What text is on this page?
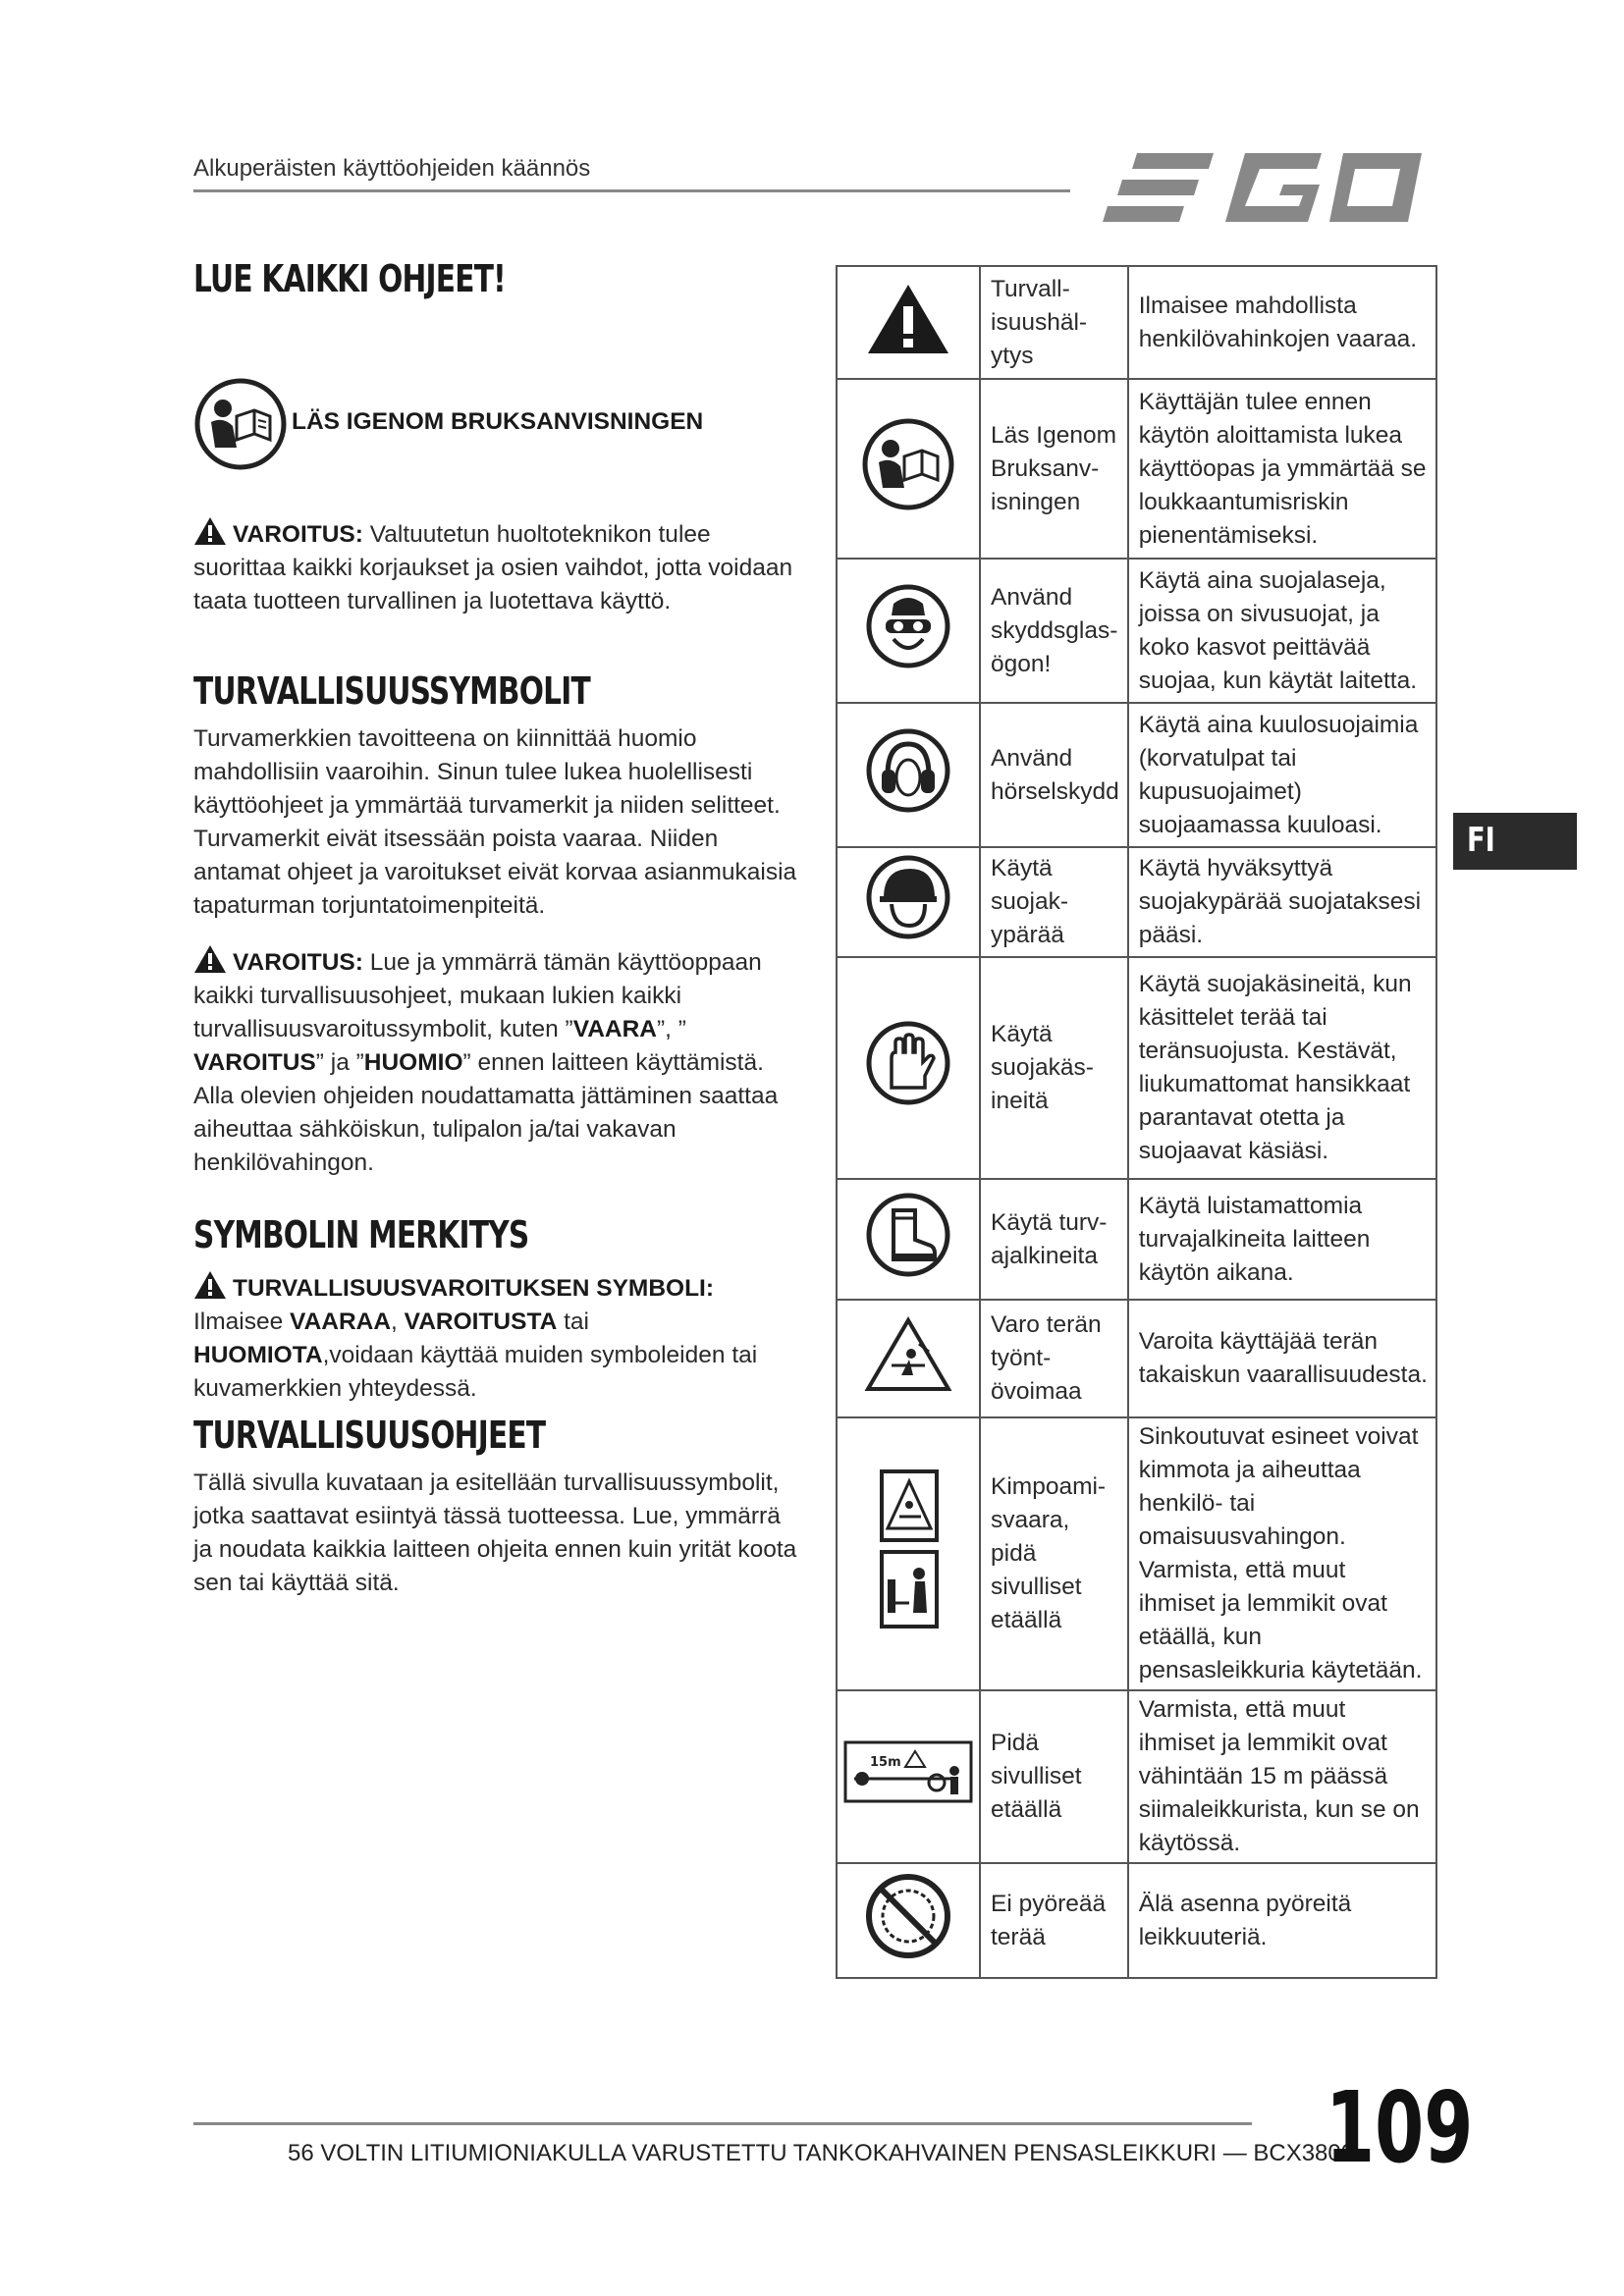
Alkuperäisten käyttöohjeiden käännös
LUE KAIKKI OHJEET!
LÄS IGENOM BRUKSANVISNINGEN
VAROITUS: Valtuutetun huoltoteknikon tulee suorittaa kaikki korjaukset ja osien vaihdot, jotta voidaan taata tuotteen turvallinen ja luotettava käyttö.
TURVALLISUUSSYMBOLIT

Turvamerkkien tavoitteena on kiinnittää huomio mahdollisiin vaaroihin. Sinun tulee lukea huolellisesti käyttöohjeet ja ymmärtää turvamerkit ja niiden selitteet. Turvamerkit eivät itsessään poista vaaraa. Niiden antamat ohjeet ja varoitukset eivät korvaa asianmukaisia tapaturman torjuntatoimenpiteitä.

VAROITUS: Lue ja ymmärrä tämän käyttöoppaan kaikki turvallisuusohjeet, mukaan lukien kaikki turvallisuusvaroitussymbolit, kuten ”VAARA”, ” VAROITUS” ja ”HUOMIO” ennen laitteen käyttämistä. Alla olevien ohjeiden noudattamatta jättäminen saattaa aiheuttaa sähköiskun, tulipalon ja/tai vakavan henkilövahingon.
SYMBOLIN MERKITYS
TURVALLISUUSVAROITUKSEN SYMBOLI: Ilmaisee VAARAA, VAROITUSTA tai HUOMIOTA,voidaan käyttää muiden symboleiden tai kuvamerkkien yhteydessä.
TURVALLISUUSOHJEET

Tällä sivulla kuvataan ja esitellään turvallisuussymbolit, jotka saattavat esiintyä tässä tuotteessa. Lue, ymmärrä ja noudata kaikkia laitteen ohjeita ennen kuin yrität koota sen tai käyttää sitä.

	Turvall-
isuushäl-
ytys	Ilmaisee mahdollista henkilövahinkojen vaaraa.
	Läs Igenom Bruksanv-
isningen	Käyttäjän tulee ennen käytön aloittamista lukea käyttöopas ja ymmärtää se loukkaantumisriskin pienentämiseksi.
	Använd skyddsglas-
ögon!	Käytä aina suojalaseja, joissa on sivusuojat, ja koko kasvot peittävää suojaa, kun käytät laitetta.
	Använd hörselskydd	Käytä aina kuulosuojaimia (korvatulpat tai kupusuojaimet) suojaamassa kuuloasi.
	Käytä suojak-
ypärää	Käytä hyväksyttyä suojakypärää suojataksesi pääsi.
	Käytä suojakäs-
ineitä	Käytä suojakäsineitä, kun käsittelet terää tai teränsuojusta. Kestävät, liukumattomat hansikkaat parantavat otetta ja suojaavat käsiäsi.
	Käytä turv-
ajalkineita	Käytä luistamattomia turvajalkineita laitteen käytön aikana.
	Varo terän työnt-
övoimaa	Varoita käyttäjää terän takaiskun vaarallisuudesta.
	Kimpoami-
svaara, pidä sivulliset etäällä	Sinkoutuvat esineet voivat kimmota ja aiheuttaa henkilö- tai omaisuusvahingon. Varmista, että muut ihmiset ja lemmikit ovat etäällä, kun pensasleikkuria käytetään.

15m	Pidä sivulliset etäällä	Varmista, että muut ihmiset ja lemmikit ovat vähintään 15 m päässä siimaleikkurista, kun se on käytössä.
	Ei pyöreää terää	Älä asenna pyöreitä leikkuuteriä.
FI
56 VOLTIN LITIUMIONIAKULLA VARUSTETTU TANKOKAHVAINEN PENSASLEIKKURI — BCX3800
109
